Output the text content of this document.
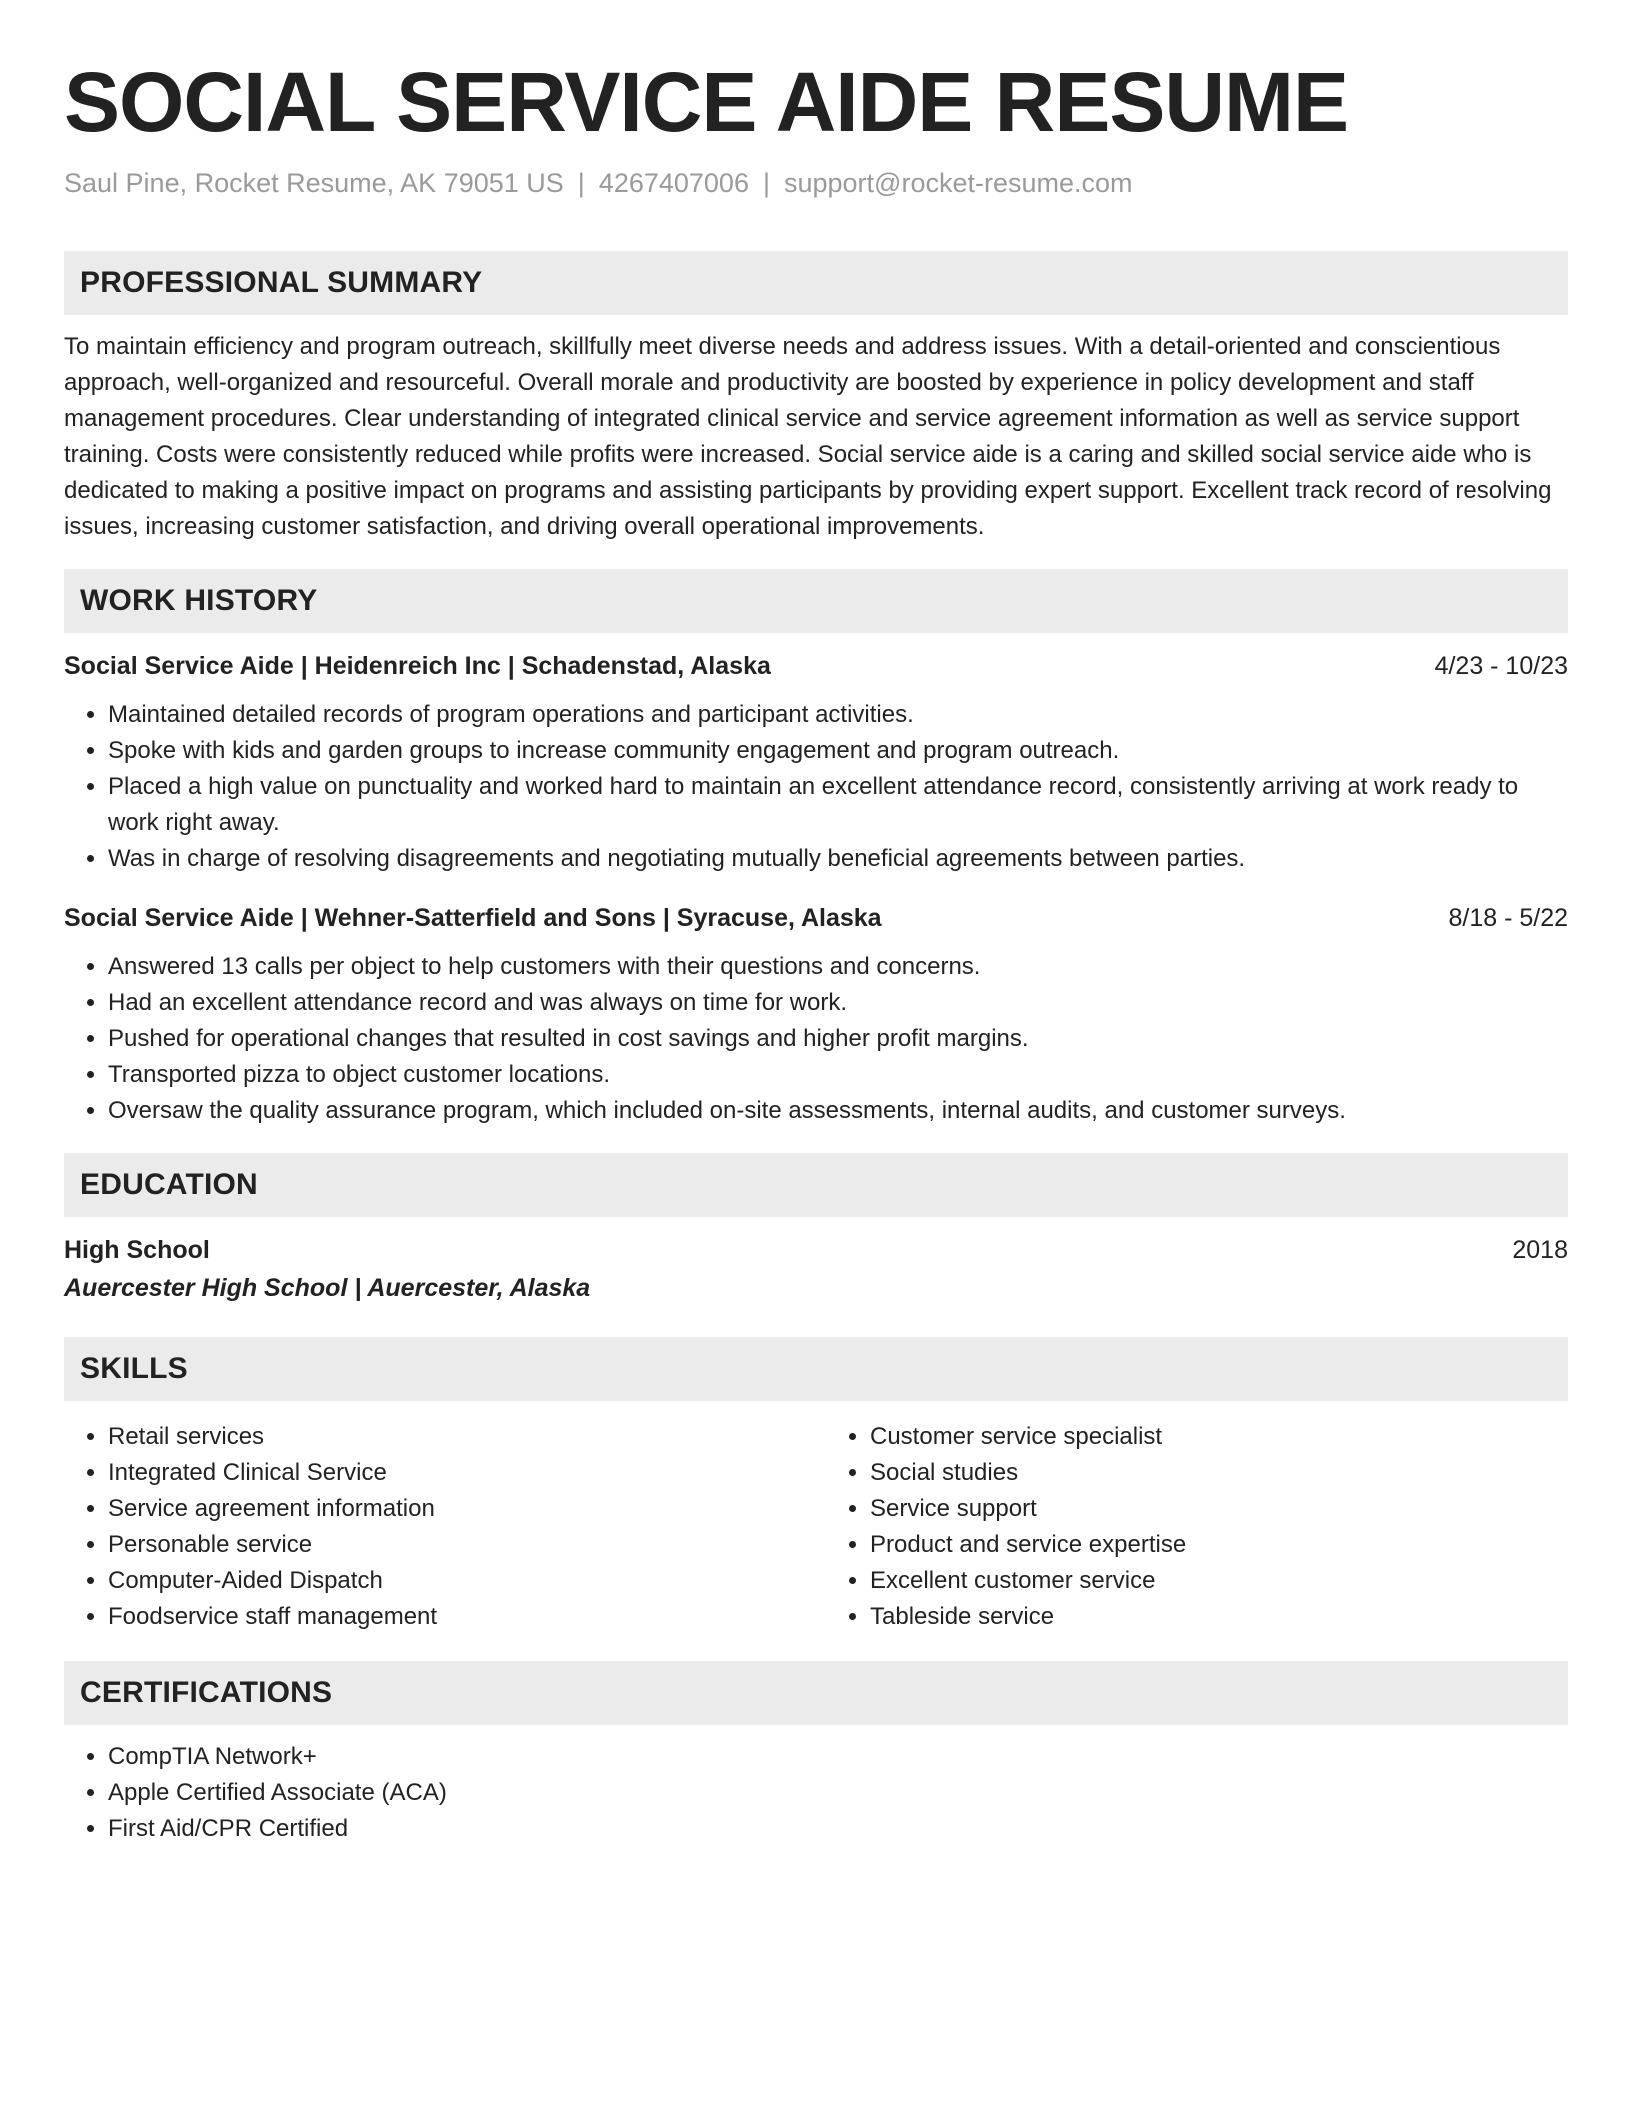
SOCIAL SERVICE AIDE RESUME
Saul Pine, Rocket Resume, AK 79051 US | 4267407006 | support@rocket-resume.com
PROFESSIONAL SUMMARY
To maintain efficiency and program outreach, skillfully meet diverse needs and address issues. With a detail-oriented and conscientious approach, well-organized and resourceful. Overall morale and productivity are boosted by experience in policy development and staff management procedures. Clear understanding of integrated clinical service and service agreement information as well as service support training. Costs were consistently reduced while profits were increased. Social service aide is a caring and skilled social service aide who is dedicated to making a positive impact on programs and assisting participants by providing expert support. Excellent track record of resolving issues, increasing customer satisfaction, and driving overall operational improvements.
WORK HISTORY
Social Service Aide | Heidenreich Inc | Schadenstad, Alaska	4/23 - 10/23
• Maintained detailed records of program operations and participant activities.
• Spoke with kids and garden groups to increase community engagement and program outreach.
• Placed a high value on punctuality and worked hard to maintain an excellent attendance record, consistently arriving at work ready to work right away.
• Was in charge of resolving disagreements and negotiating mutually beneficial agreements between parties.
Social Service Aide | Wehner-Satterfield and Sons | Syracuse, Alaska	8/18 - 5/22
• Answered 13 calls per object to help customers with their questions and concerns.
• Had an excellent attendance record and was always on time for work.
• Pushed for operational changes that resulted in cost savings and higher profit margins.
• Transported pizza to object customer locations.
• Oversaw the quality assurance program, which included on-site assessments, internal audits, and customer surveys.
EDUCATION
High School	2018
Auercester High School | Auercester, Alaska
SKILLS
• Retail services
• Integrated Clinical Service
• Service agreement information
• Personable service
• Computer-Aided Dispatch
• Foodservice staff management
• Customer service specialist
• Social studies
• Service support
• Product and service expertise
• Excellent customer service
• Tableside service
CERTIFICATIONS
• CompTIA Network+
• Apple Certified Associate (ACA)
• First Aid/CPR Certified
